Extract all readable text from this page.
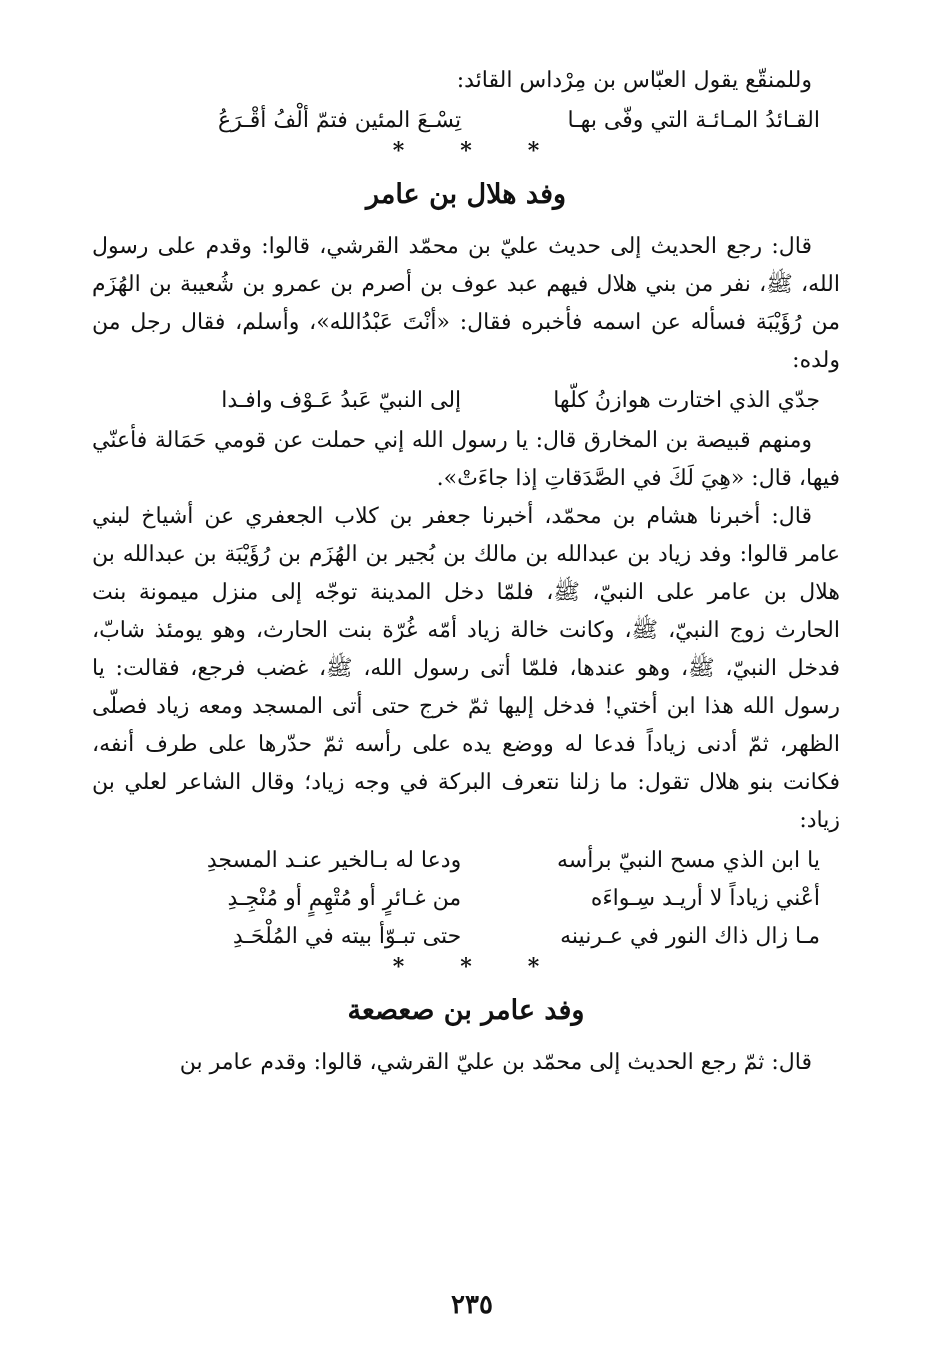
وللمنقّع يقول العبّاس بن مِرْداس القائد:

القـائدُ المـائـة التي وفّى بهـا
تِسْـعَ المئين فتمّ ألْفُ أقْـرَعُ
*
*
*
وفد هلال بن عامر

قال: رجع الحديث إلى حديث عليّ بن محمّد القرشي، قالوا: وقدم على رسول الله، ﷺ، نفر من بني هلال فيهم عبد عوف بن أصرم بن عمرو بن شُعيبة بن الهُزَم من رُؤَيْبَة فسأله عن اسمه فأخبره فقال: «أنْتَ عَبْدُالله»، وأسلم، فقال رجل من ولده:

جدّي الذي اختارت هوازنُ كلّها
إلى النبيّ عَبدُ عَـوْف وافـدا

ومنهم قبيصة بن المخارق قال: يا رسول الله إني حملت عن قومي حَمَالة فأعنّي فيها، قال: «هِيَ لَكَ في الصَّدَقاتِ إذا جاءَتْ».

قال: أخبرنا هشام بن محمّد، أخبرنا جعفر بن كلاب الجعفري عن أشياخ لبني عامر قالوا: وفد زياد بن عبدالله بن مالك بن بُجير بن الهُزَم بن رُؤَيْبَة بن عبدالله بن هلال بن عامر على النبيّ، ﷺ، فلمّا دخل المدينة توجّه إلى منزل ميمونة بنت الحارث زوج النبيّ، ﷺ، وكانت خالة زياد أمّه غُرّة بنت الحارث، وهو يومئذ شابّ، فدخل النبيّ، ﷺ، وهو عندها، فلمّا أتى رسول الله، ﷺ، غضب فرجع، فقالت: يا رسول الله هذا ابن أختي! فدخل إليها ثمّ خرج حتى أتى المسجد ومعه زياد فصلّى الظهر، ثمّ أدنى زياداً فدعا له ووضع يده على رأسه ثمّ حدّرها على طرف أنفه، فكانت بنو هلال تقول: ما زلنا نتعرف البركة في وجه زياد؛ وقال الشاعر لعلي بن زياد:

يا ابن الذي مسح النبيّ برأسه
ودعا له بـالخير عنـد المسجدِ
أعْني زياداً لا أريـد سِـواءَه
من غـائرٍ أو مُتْهِمٍ أو مُنْجِـدِ
مـا زال ذاك النور في عـرنينه
حتى تبـوّأ بيته في المُلْحَـدِ
*
*
*
وفد عامر بن صعصعة

قال: ثمّ رجع الحديث إلى محمّد بن عليّ القرشي، قالوا: وقدم عامر بن

٢٣٥
